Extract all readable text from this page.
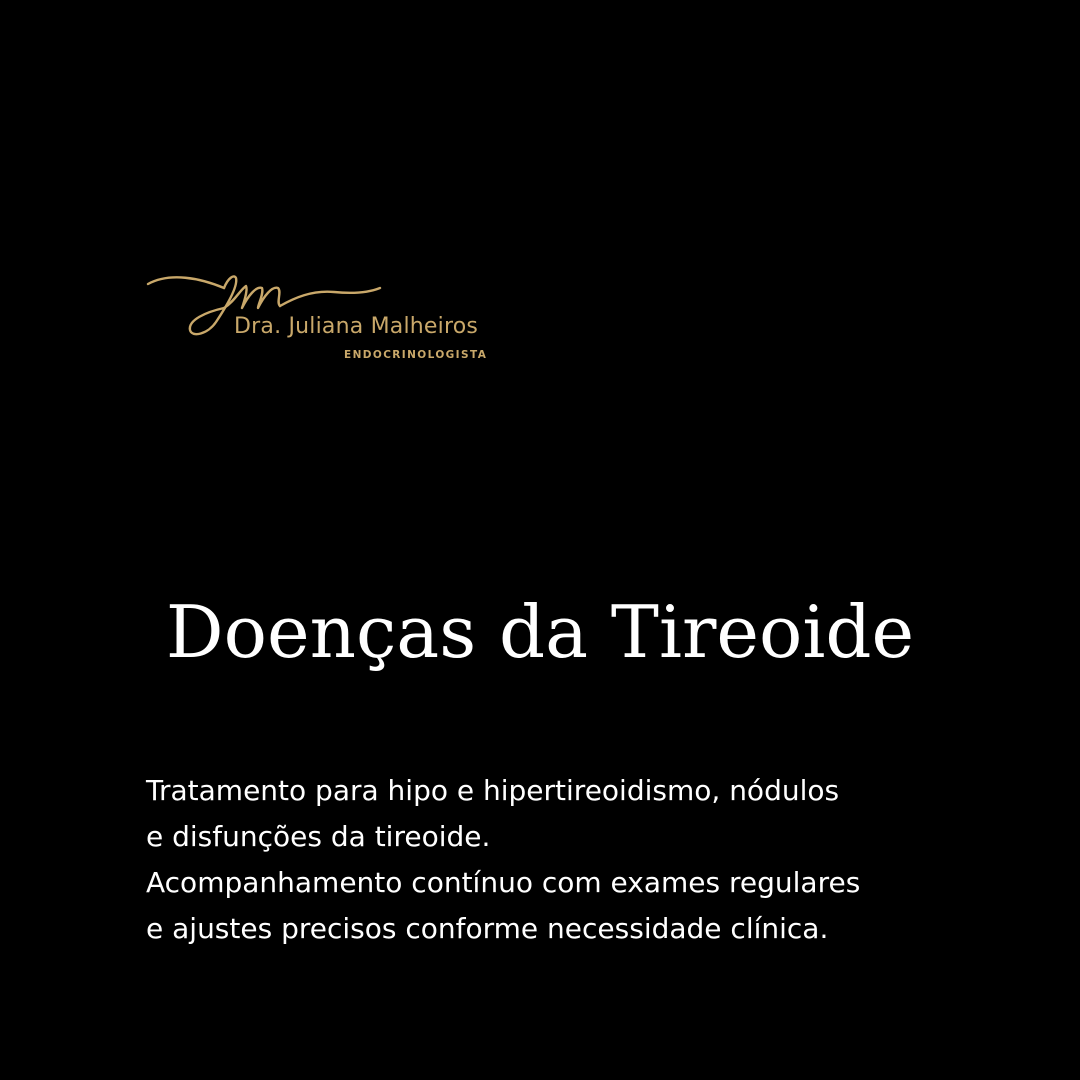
Dra. Juliana Malheiros
ENDOCRINOLOGISTA
Doenças da Tireoide
Tratamento para hipo e hipertireoidismo, nódulos
e disfunções da tireoide.
Acompanhamento contínuo com exames regulares
e ajustes precisos conforme necessidade clínica.
